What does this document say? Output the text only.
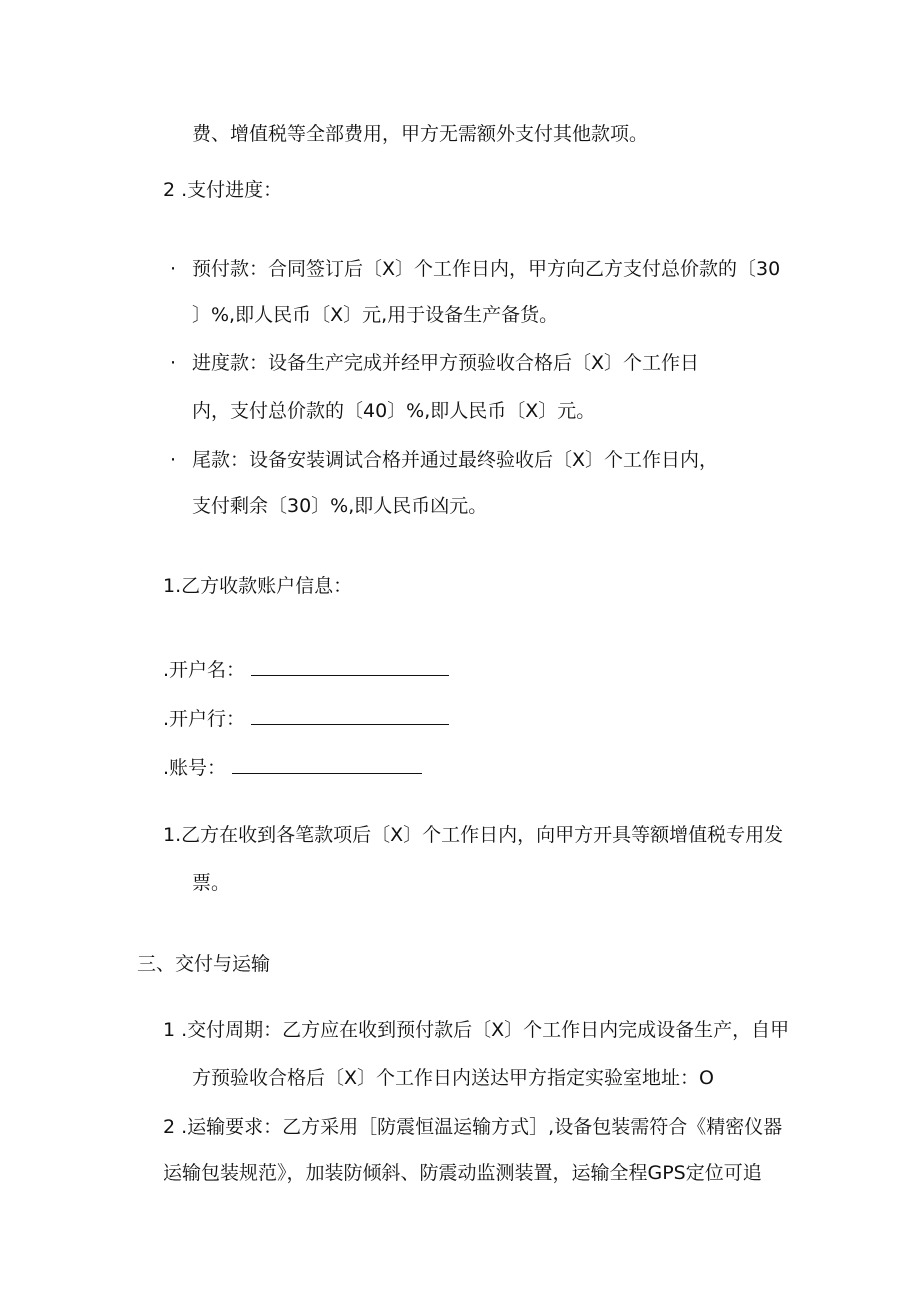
费、增值税等全部费用，甲方无需额外支付其他款项。
2 .支付进度：
· 预付款：合同签订后〔X〕个工作日内，甲方向乙方支付总价款的〔30
〕%,即人民币〔X〕元,用于设备生产备货。
· 进度款：设备生产完成并经甲方预验收合格后〔X〕个工作日
内，支付总价款的〔40〕%,即人民币〔X〕元。
· 尾款：设备安装调试合格并通过最终验收后〔X〕个工作日内，
支付剩余〔30〕%,即人民币凶元。
1.乙方收款账户信息：
.开户名：
.开户行：
.账号：
1.乙方在收到各笔款项后〔X〕个工作日内，向甲方开具等额增值税专用发
票。
三、交付与运输
1 .交付周期：乙方应在收到预付款后〔X〕个工作日内完成设备生产，自甲
方预验收合格后〔X〕个工作日内送达甲方指定实验室地址：O
2 .运输要求：乙方采用［防震恒温运输方式］,设备包装需符合《精密仪器
运输包装规范》，加装防倾斜、防震动监测装置，运输全程GPS定位可追
